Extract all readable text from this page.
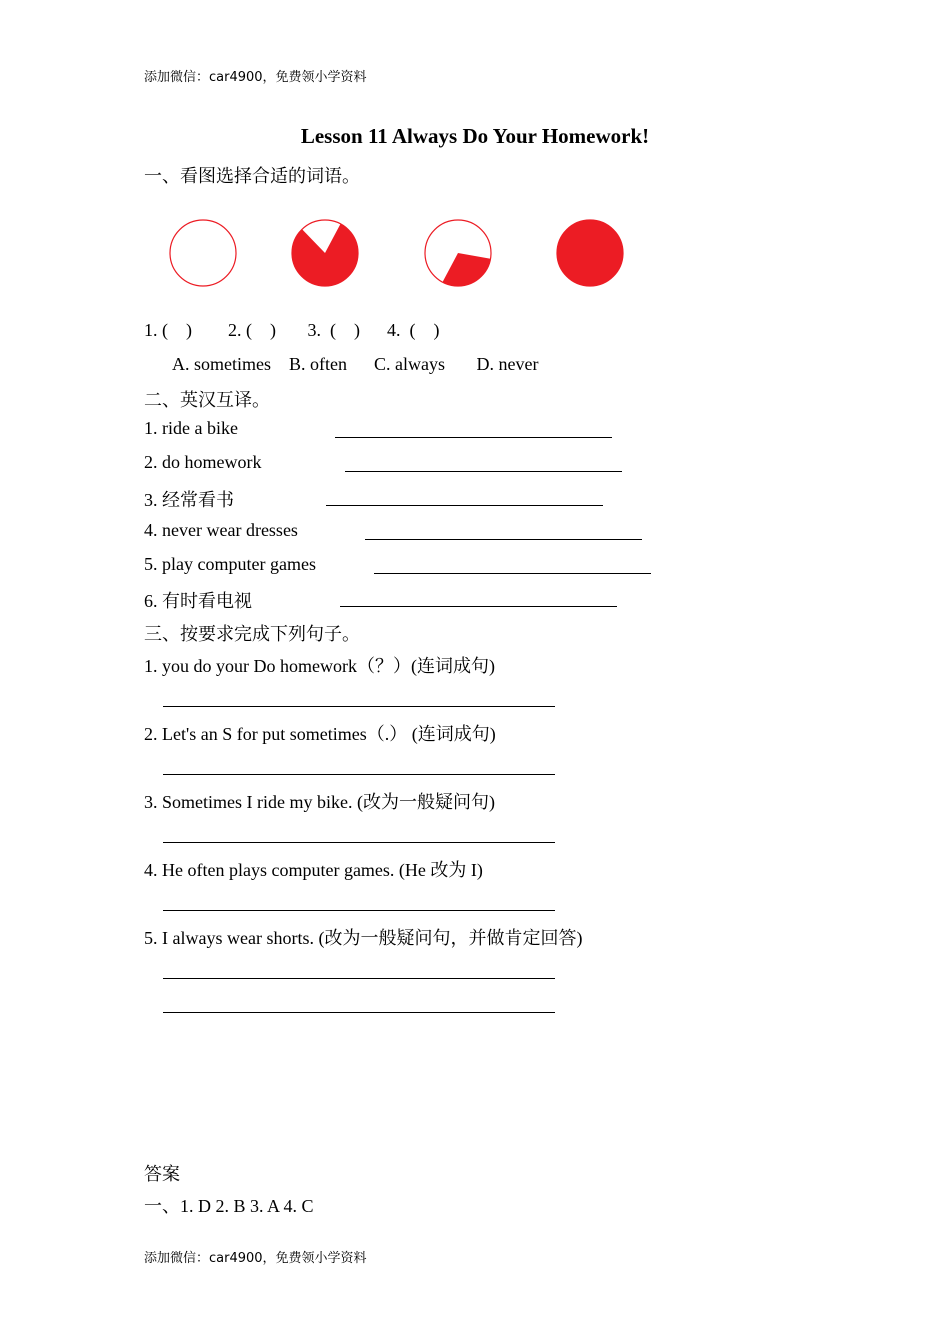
添加微信：car4900，免费领小学资料
Lesson 11 Always Do Your Homework!
一、看图选择合适的词语。
1. (    )        2. (    )       3.  (    )      4.  (    )
A. sometimes    B. often      C. always       D. never
二、英汉互译。
1. ride a bike
2. do homework
3. 经常看书
4. never wear dresses
5. play computer games
6. 有时看电视
三、按要求完成下列句子。
1. you do your Do homework（？）(连词成句)
2. Let's an S for put sometimes（.） (连词成句)
3. Sometimes I ride my bike. (改为一般疑问句)
4. He often plays computer games. (He 改为 I)
5. I always wear shorts. (改为一般疑问句，并做肯定回答)
答案
一、1. D 2. B 3. A 4. C
添加微信：car4900，免费领小学资料
